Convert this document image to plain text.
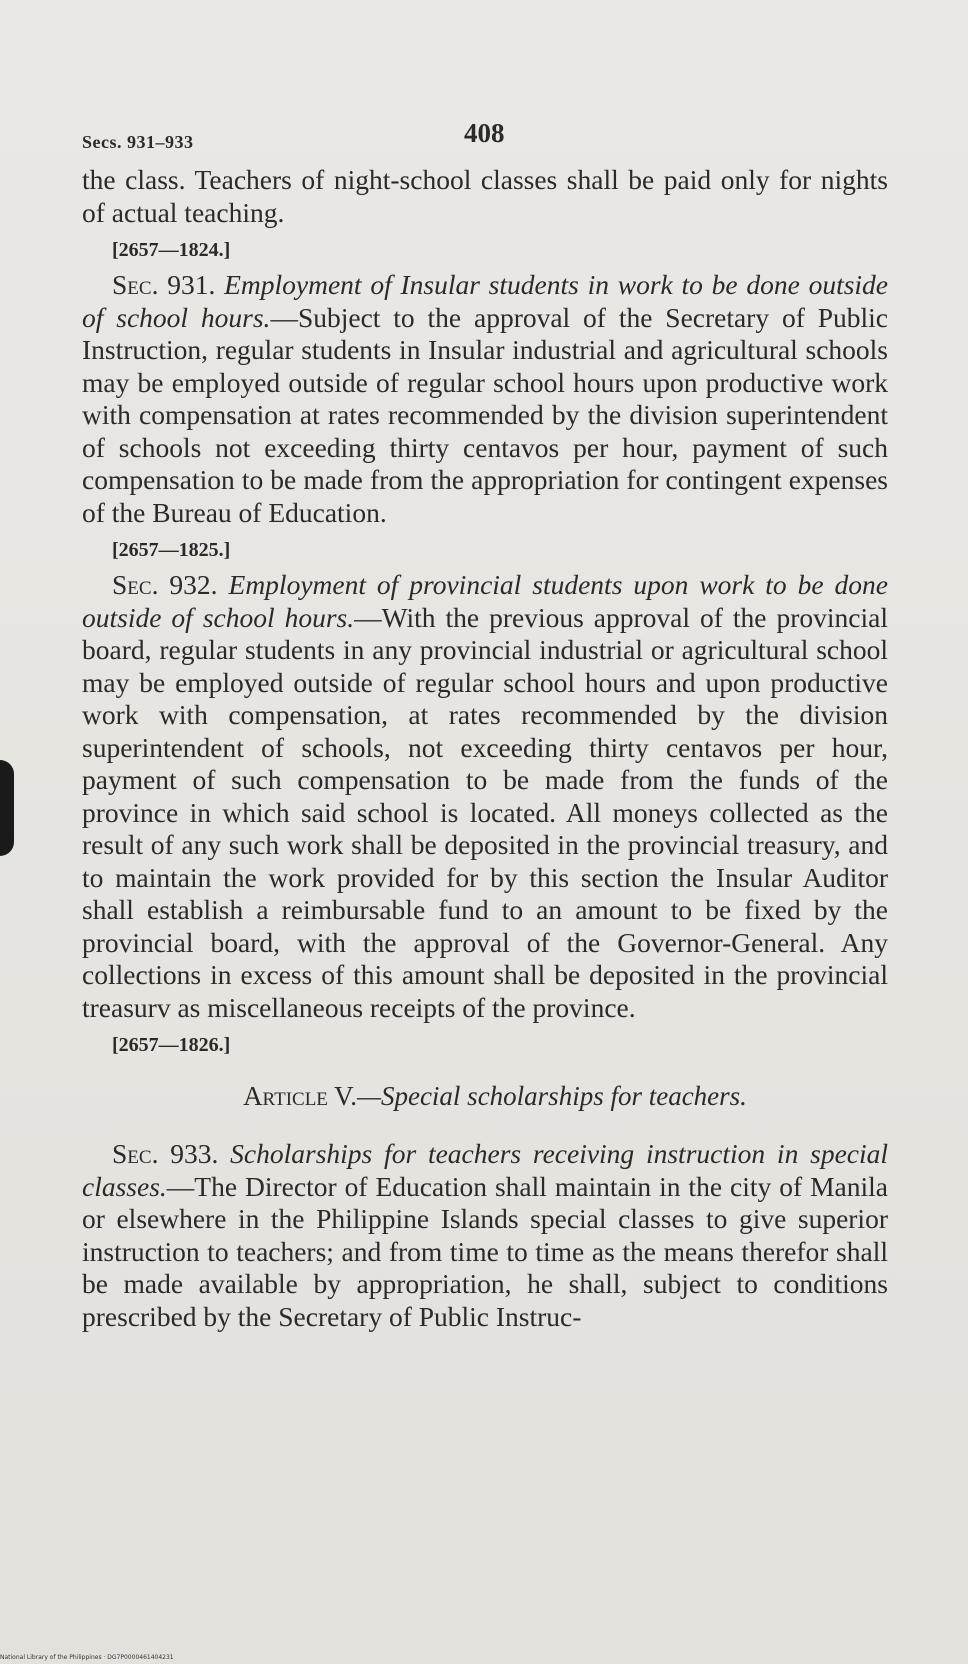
Secs. 931–933	408

the class. Teachers of night-school classes shall be paid only for nights of actual teaching.

[2657—1824.]

Sec. 931. Employment of Insular students in work to be done outside of school hours.—Subject to the approval of the Secretary of Public Instruction, regular students in Insular industrial and agricultural schools may be employed outside of regular school hours upon productive work with compensation at rates recommended by the division superintendent of schools not exceeding thirty centavos per hour, payment of such compensation to be made from the appropriation for contingent expenses of the Bureau of Education.

[2657—1825.]

Sec. 932. Employment of provincial students upon work to be done outside of school hours.—With the previous approval of the provincial board, regular students in any provincial industrial or agricultural school may be employed outside of regular school hours and upon productive work with compensation, at rates recommended by the division superintendent of schools, not exceeding thirty centavos per hour, payment of such compensation to be made from the funds of the province in which said school is located. All moneys collected as the result of any such work shall be deposited in the provincial treasury, and to maintain the work provided for by this section the Insular Auditor shall establish a reimbursable fund to an amount to be fixed by the provincial board, with the approval of the Governor-General. Any collections in excess of this amount shall be deposited in the provincial treasurv as miscellaneous receipts of the province.

[2657—1826.]
Article V.—Special scholarships for teachers.

Sec. 933. Scholarships for teachers receiving instruction in special classes.—The Director of Education shall maintain in the city of Manila or elsewhere in the Philippine Islands special classes to give superior instruction to teachers; and from time to time as the means therefor shall be made available by appropriation, he shall, subject to conditions prescribed by the Secretary of Public Instruc-

National Library of the Philippines · DG7P0000461404231
